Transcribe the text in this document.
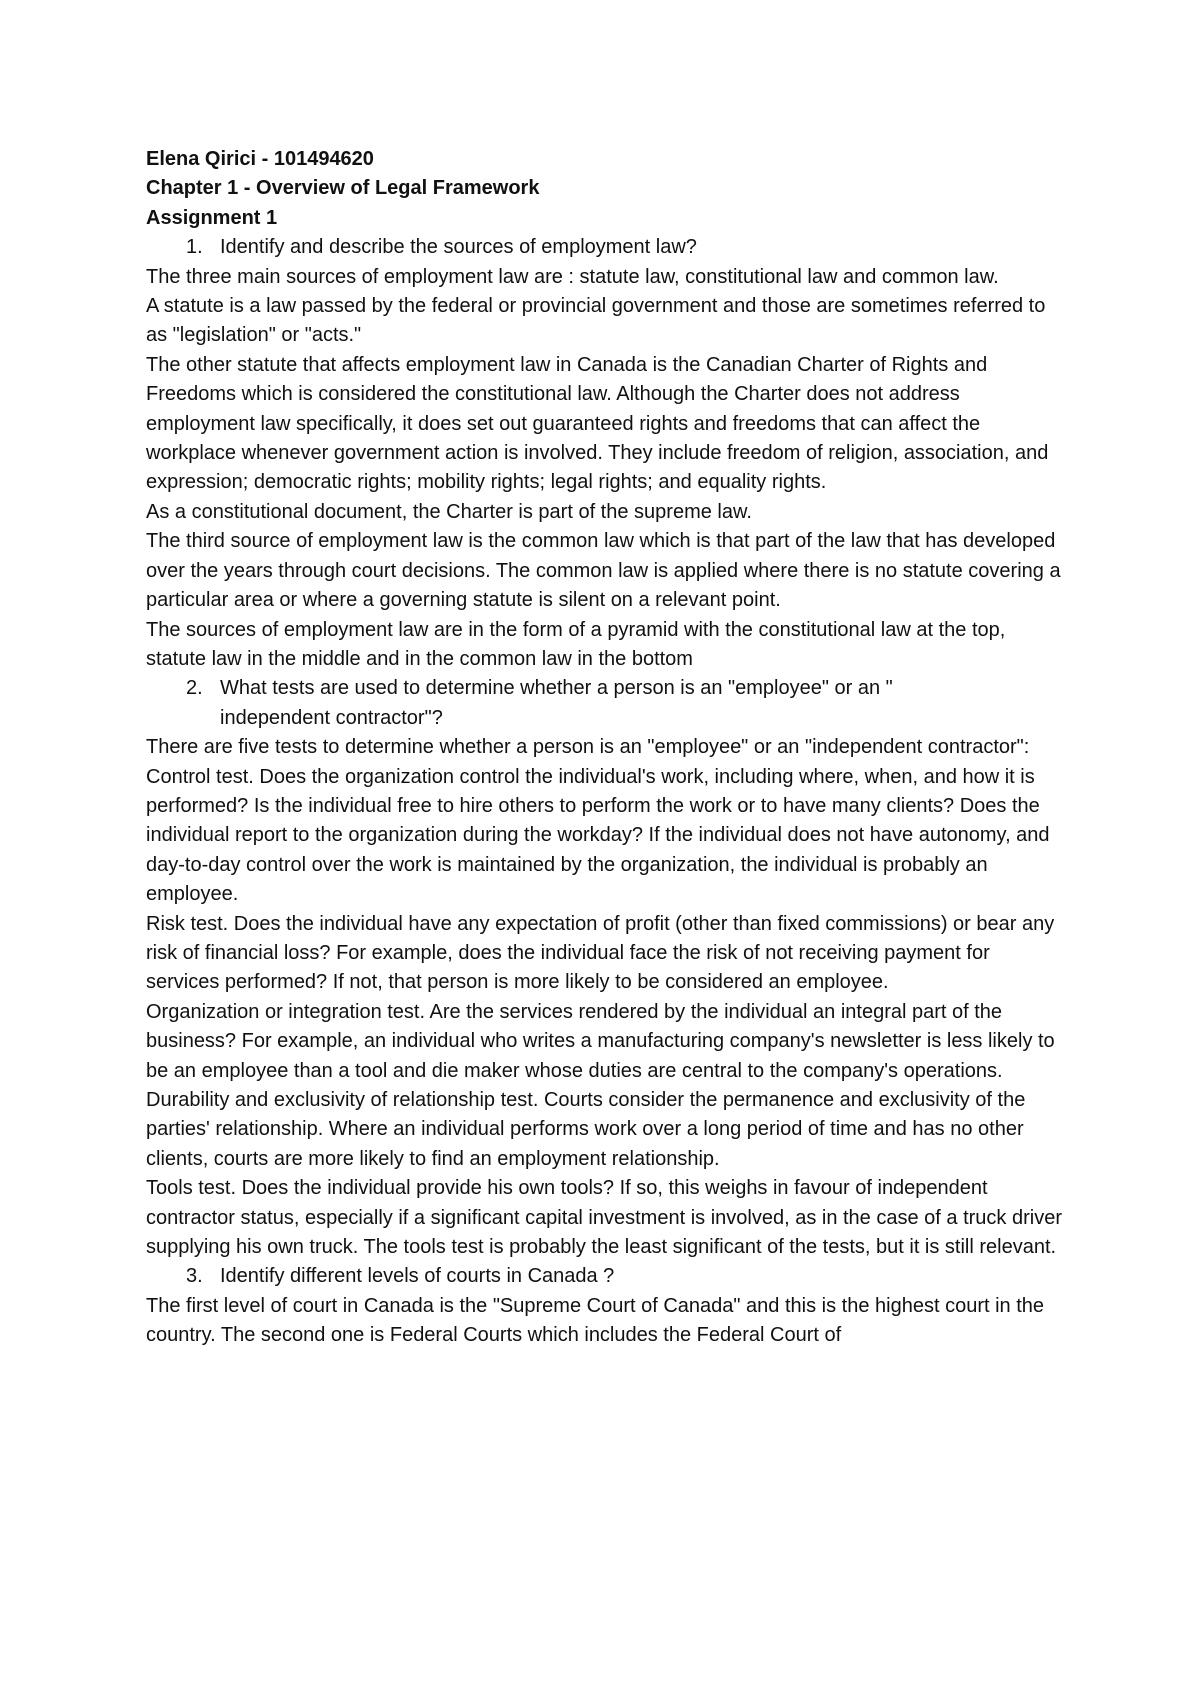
Elena Qirici - 101494620
Chapter 1 - Overview of Legal Framework
Assignment 1
1. Identify and describe the sources of employment law?

The three main sources of employment law are : statute law, constitutional law and common law.

A statute is a law passed by the federal or provincial government and those are sometimes referred to as "legislation" or "acts."

The other statute that affects employment law in Canada is the Canadian Charter of Rights and Freedoms which is considered the constitutional law. Although the Charter does not address employment law specifically, it does set out guaranteed rights and freedoms that can affect the workplace whenever government action is involved. They include freedom of religion, association, and expression; democratic rights; mobility rights; legal rights; and equality rights.

As a constitutional document, the Charter is part of the supreme law.

The third source of employment law is the common law which is that part of the law that has developed over the years through court decisions. The common law is applied where there is no statute covering a particular area or where a governing statute is silent on a relevant point.

The sources of employment law are in the form of a pyramid with the constitutional law at the top, statute law in the middle and in the common law in the bottom

2. What tests are used to determine whether a person is an "employee" or an " independent contractor"?

There are five tests to determine whether a person is an "employee" or an "independent contractor":

Control test. Does the organization control the individual's work, including where, when, and how it is performed? Is the individual free to hire others to perform the work or to have many clients? Does the individual report to the organization during the workday? If the individual does not have autonomy, and day-to-day control over the work is maintained by the organization, the individual is probably an employee.

Risk test. Does the individual have any expectation of profit (other than fixed commissions) or bear any risk of financial loss? For example, does the individual face the risk of not receiving payment for services performed? If not, that person is more likely to be considered an employee.

Organization or integration test. Are the services rendered by the individual an integral part of the business? For example, an individual who writes a manufacturing company's newsletter is less likely to be an employee than a tool and die maker whose duties are central to the company's operations.

Durability and exclusivity of relationship test. Courts consider the permanence and exclusivity of the parties' relationship. Where an individual performs work over a long period of time and has no other clients, courts are more likely to find an employment relationship.

Tools test. Does the individual provide his own tools? If so, this weighs in favour of independent contractor status, especially if a significant capital investment is involved, as in the case of a truck driver supplying his own truck. The tools test is probably the least significant of the tests, but it is still relevant.

3. Identify different levels of courts in Canada ?

The first level of court in Canada is the "Supreme Court of Canada" and this is the highest court in the country. The second one is Federal Courts which includes the Federal Court of
